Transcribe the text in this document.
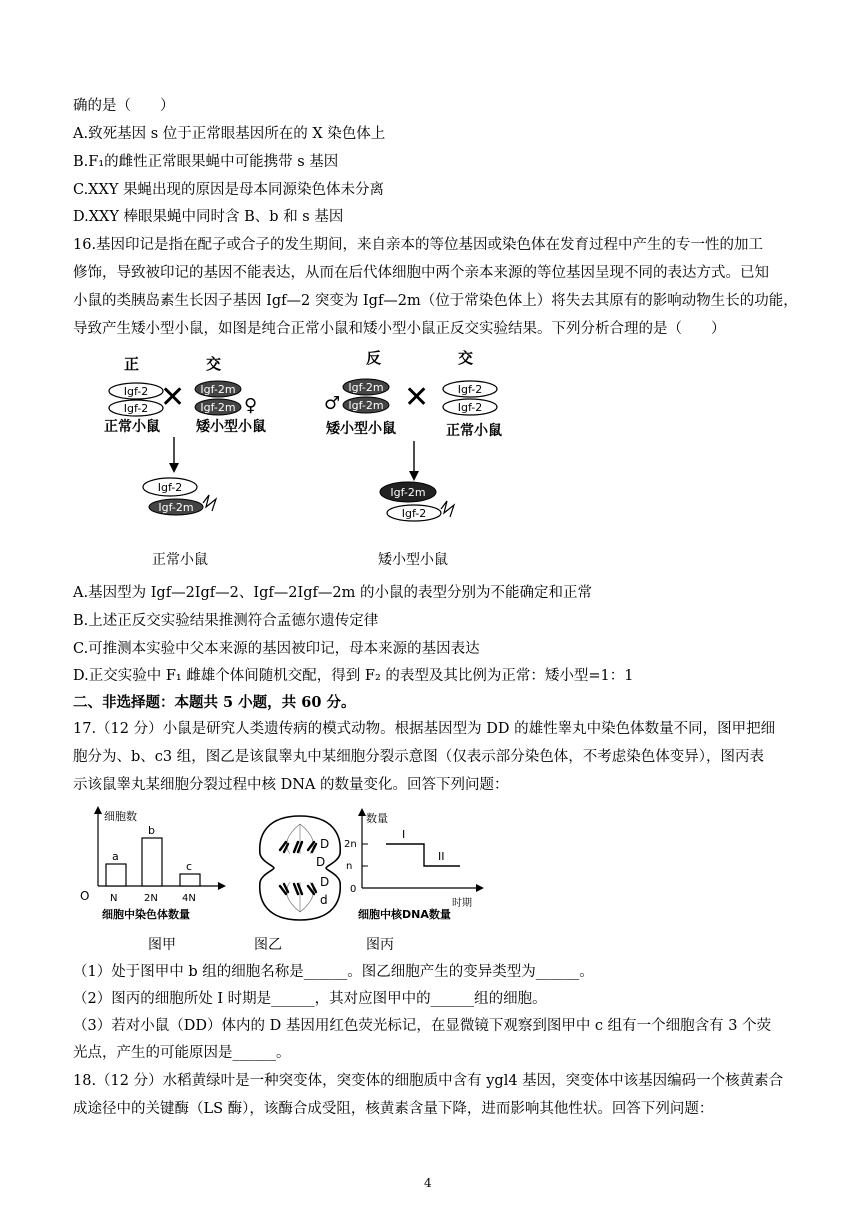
确的是（　　）
A.致死基因 s 位于正常眼基因所在的 X 染色体上
B.F₁的雌性正常眼果蝇中可能携带 s 基因
C.XXY 果蝇出现的原因是母本同源染色体未分离
D.XXY 棒眼果蝇中同时含 B、b 和 s 基因
16.基因印记是指在配子或合子的发生期间，来自亲本的等位基因或染色体在发育过程中产生的专一性的加工
修饰，导致被印记的基因不能表达，从而在后代体细胞中两个亲本来源的等位基因呈现不同的表达方式。已知
小鼠的类胰岛素生长因子基因 Igf—2 突变为 Igf—2m（位于常染色体上）将失去其原有的影响动物生长的功能，
导致产生矮小型小鼠，如图是纯合正常小鼠和矮小型小鼠正反交实验结果。下列分析合理的是（　　）
正	交
Igf-2
Igf-2 ✕ Igf-2m
Igf-2m ♀
正常小鼠	矮小型小鼠
Igf-2
Igf-2m
反	交
♂
Igf-2m
Igf-2m ✕	Igf-2
Igf-2
矮小型小鼠	正常小鼠
Igf-2m
Igf-2
正常小鼠	矮小型小鼠
A.基因型为 Igf—2Igf—2、Igf—2Igf—2m 的小鼠的表型分别为不能确定和正常
B.上述正反交实验结果推测符合孟德尔遗传定律
C.可推测本实验中父本来源的基因被印记，母本来源的基因表达
D.正交实验中 F₁ 雌雄个体间随机交配，得到 F₂ 的表型及其比例为正常：矮小型=1：1
二、非选择题：本题共 5 小题，共 60 分。
17.（12 分）小鼠是研究人类遗传病的模式动物。根据基因型为 DD 的雄性睾丸中染色体数量不同，图甲把细
胞分为、b、c3 组，图乙是该鼠睾丸中某细胞分裂示意图（仅表示部分染色体，不考虑染色体变异），图丙表
示该鼠睾丸某细胞分裂过程中核 DNA 的数量变化。回答下列问题：
细胞数
O
a
b
c
N	2N 4N
细胞中染色体数量
D
D
D
d
数量
2n
n
0
I
II
时期
细胞中核DNA数量
图甲	图乙	图丙
（1）处于图甲中 b 组的细胞名称是______。图乙细胞产生的变异类型为______。
（2）图丙的细胞所处 I 时期是______，其对应图甲中的______组的细胞。
（3）若对小鼠（DD）体内的 D 基因用红色荧光标记，在显微镜下观察到图甲中 c 组有一个细胞含有 3 个荧
光点，产生的可能原因是______。
18.（12 分）水稻黄绿叶是一种突变体，突变体的细胞质中含有 ygl4 基因，突变体中该基因编码一个核黄素合
成途径中的关键酶（LS 酶），该酶合成受阻，核黄素含量下降，进而影响其他性状。回答下列问题：
4
